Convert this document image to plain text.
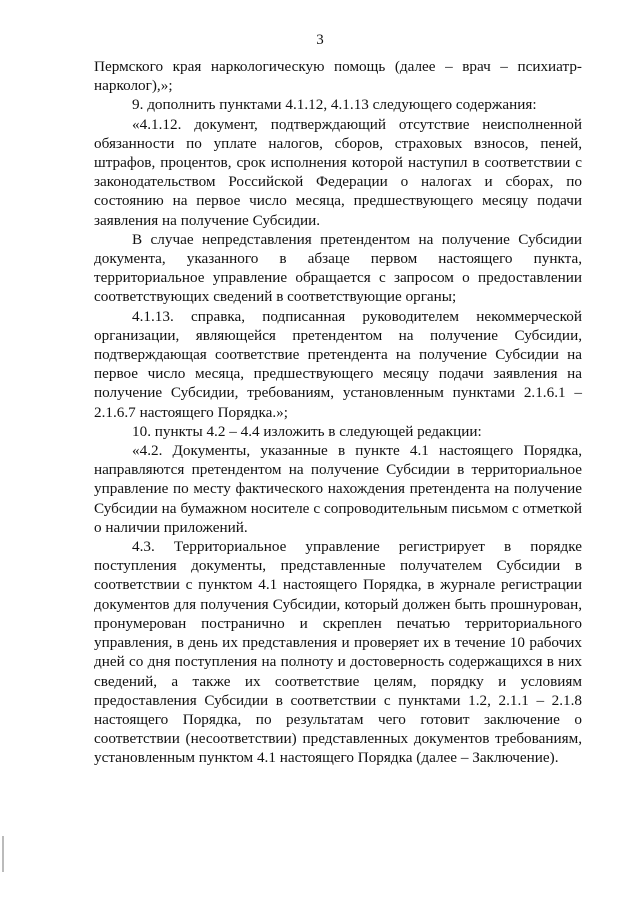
3

Пермского края наркологическую помощь (далее – врач – психиатр-нарколог),»;

9. дополнить пунктами 4.1.12, 4.1.13 следующего содержания:

«4.1.12. документ, подтверждающий отсутствие неисполненной обязанности по уплате налогов, сборов, страховых взносов, пеней, штрафов, процентов, срок исполнения которой наступил в соответствии с законодательством Российской Федерации о налогах и сборах, по состоянию на первое число месяца, предшествующего месяцу подачи заявления на получение Субсидии.

В случае непредставления претендентом на получение Субсидии документа, указанного в абзаце первом настоящего пункта, территориальное управление обращается с запросом о предоставлении соответствующих сведений в соответствующие органы;

4.1.13. справка, подписанная руководителем некоммерческой организации, являющейся претендентом на получение Субсидии, подтверждающая соответствие претендента на получение Субсидии на первое число месяца, предшествующего месяцу подачи заявления на получение Субсидии, требованиям, установленным пунктами 2.1.6.1 – 2.1.6.7 настоящего Порядка.»;

10. пункты 4.2 – 4.4 изложить в следующей редакции:

«4.2. Документы, указанные в пункте 4.1 настоящего Порядка, направляются претендентом на получение Субсидии в территориальное управление по месту фактического нахождения претендента на получение Субсидии на бумажном носителе с сопроводительным письмом с отметкой о наличии приложений.

4.3. Территориальное управление регистрирует в порядке поступления документы, представленные получателем Субсидии в соответствии с пунктом 4.1 настоящего Порядка, в журнале регистрации документов для получения Субсидии, который должен быть прошнурован, пронумерован постранично и скреплен печатью территориального управления, в день их представления и проверяет их в течение 10 рабочих дней со дня поступления на полноту и достоверность содержащихся в них сведений, а также их соответствие целям, порядку и условиям предоставления Субсидии в соответствии с пунктами 1.2, 2.1.1 – 2.1.8 настоящего Порядка, по результатам чего готовит заключение о соответствии (несоответствии) представленных документов требованиям, установленным пунктом 4.1 настоящего Порядка (далее – Заключение).
